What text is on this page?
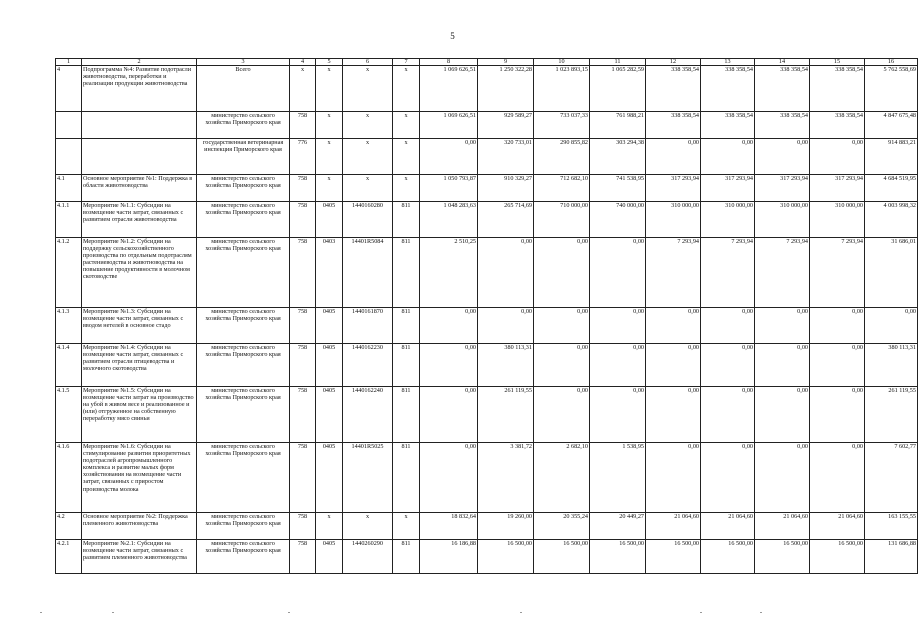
5
1	2	3	4	5	6	7	8	9	10	11	12	13	14	15	16
4	Подпрограмма №4: Развитие подотрасли животноводства, переработки и реализации продукции животноводства	Всего	х	х	х	х	1 069 626,51	1 250 322,28	1 023 893,15	1 065 282,59	338 358,54	338 358,54	338 358,54	338 358,54	5 762 558,69
		министерство сельского хозяйства Приморского края	758	х	х	х	1 069 626,51	929 589,27	733 037,33	761 988,21	338 358,54	338 358,54	338 358,54	338 358,54	4 847 675,48
		государственная ветеринарная инспекция Приморского края	776	х	х	х	0,00	320 733,01	290 855,82	303 294,38	0,00	0,00	0,00	0,00	914 883,21
4.1	Основное мероприятие №1: Поддержка в области животноводства	министерство сельского хозяйства Приморского края	758	х	х	х	1 050 793,87	910 329,27	712 682,10	741 538,95	317 293,94	317 293,94	317 293,94	317 293,94	4 684 519,95
4.1.1	Мероприятие №1.1: Субсидии на возмещение части затрат, связанных с развитием отрасли животноводства	министерство сельского хозяйства Приморского края	758	0405	1440160280	811	1 048 283,63	265 714,69	710 000,00	740 000,00	310 000,00	310 000,00	310 000,00	310 000,00	4 003 998,32
4.1.2	Мероприятие №1.2: Субсидии на поддержку сельскохозяйственного производства по отдельным подотраслям растениеводства и животноводства на повышение продуктивности в молочном скотоводстве	министерство сельского хозяйства Приморского края	758	0403	14401R5084	811	2 510,25	0,00	0,00	0,00	7 293,94	7 293,94	7 293,94	7 293,94	31 686,01
4.1.3	Мероприятие №1.3: Субсидии на возмещение части затрат, связанных с вводом нетелей в основное стадо	министерство сельского хозяйства Приморского края	758	0405	1440161870	811	0,00	0,00	0,00	0,00	0,00	0,00	0,00	0,00	0,00
4.1.4	Мероприятие №1.4: Субсидии на возмещение части затрат, связанных с развитием отрасли птицеводства и молочного скотоводства	министерство сельского хозяйства Приморского края	758	0405	1440162230	811	0,00	380 113,31	0,00	0,00	0,00	0,00	0,00	0,00	380 113,31
4.1.5	Мероприятие №1.5: Субсидии на возмещение части затрат на производство на убой в живом весе и реализованное и (или) отгруженное на собственную переработку мясо свиньи	министерство сельского хозяйства Приморского края	758	0405	1440162240	811	0,00	261 119,55	0,00	0,00	0,00	0,00	0,00	0,00	261 119,55
4.1.6	Мероприятие №1.6: Субсидии на стимулирование развития приоритетных подотраслей агропромышленного комплекса и развитие малых форм хозяйствования на возмещение части затрат, связанных с приростом производства молока	министерство сельского хозяйства Приморского края	758	0405	14401R5025	811	0,00	3 381,72	2 682,10	1 538,95	0,00	0,00	0,00	0,00	7 602,77
4.2	Основное мероприятие №2: Поддержка племенного животноводства	министерство сельского хозяйства Приморского края	758	х	х	х	18 832,64	19 260,00	20 355,24	20 449,27	21 064,60	21 064,60	21 064,60	21 064,60	163 155,55
4.2.1	Мероприятие №2.1: Субсидии на возмещение части затрат, связанных с развитием племенного животноводства	министерство сельского хозяйства Приморского края	758	0405	1440260290	811	16 186,88	16 500,00	16 500,00	16 500,00	16 500,00	16 500,00	16 500,00	16 500,00	131 686,88
